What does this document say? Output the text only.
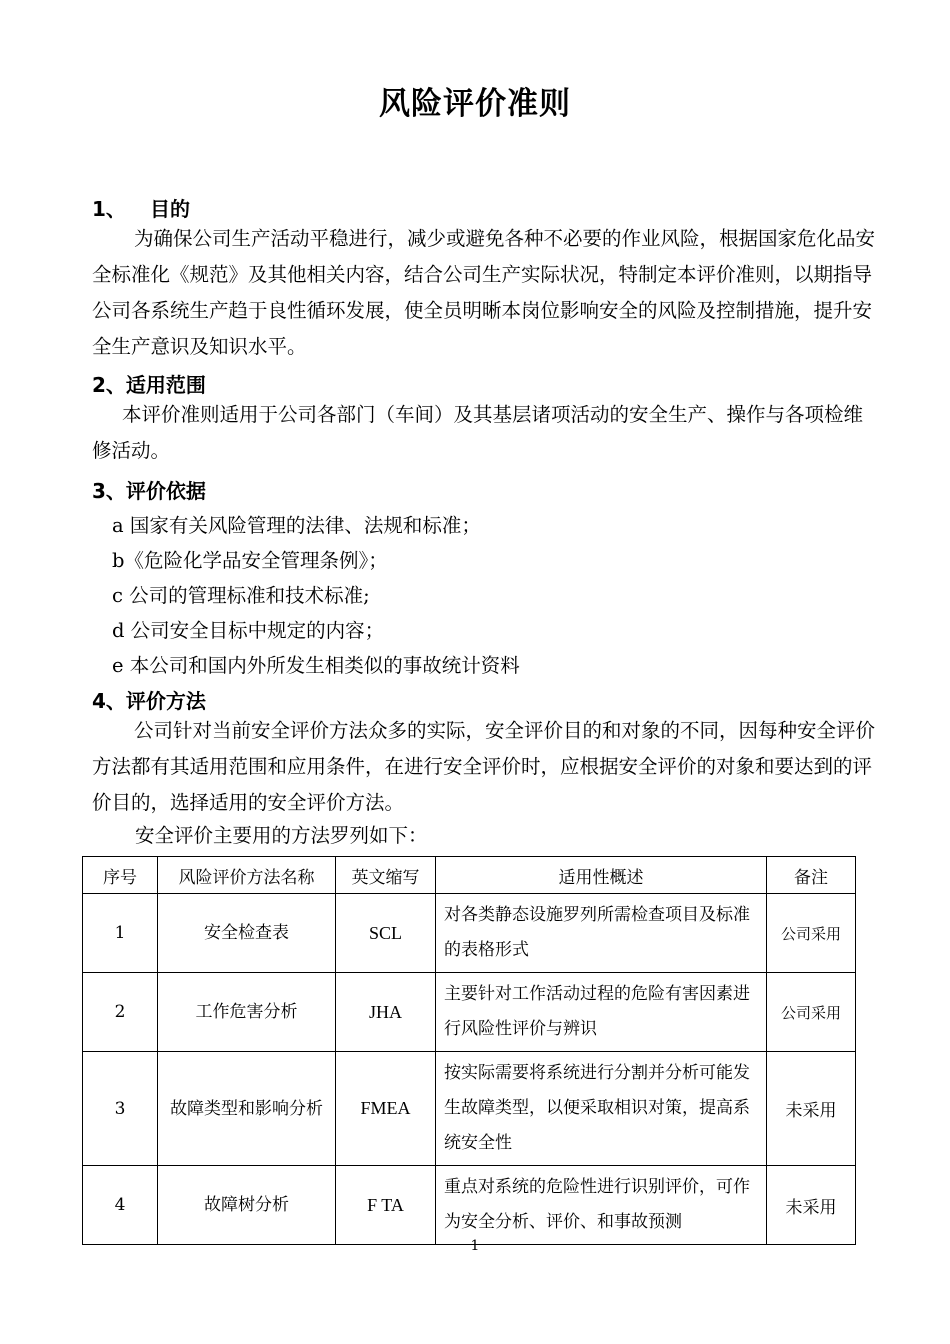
风险评价准则
1、 目的
为确保公司生产活动平稳进行，减少或避免各种不必要的作业风险，根据国家危化品安全标准化《规范》及其他相关内容，结合公司生产实际状况，特制定本评价准则，以期指导公司各系统生产趋于良性循环发展，使全员明晰本岗位影响安全的风险及控制措施，提升安全生产意识及知识水平。
2、适用范围
本评价准则适用于公司各部门（车间）及其基层诸项活动的安全生产、操作与各项检维修活动。
3、评价依据
a 国家有关风险管理的法律、法规和标准；
b《危险化学品安全管理条例》；
c 公司的管理标准和技术标准;
d 公司安全目标中规定的内容；
e 本公司和国内外所发生相类似的事故统计资料
4、评价方法
公司针对当前安全评价方法众多的实际，安全评价目的和对象的不同，因每种安全评价方法都有其适用范围和应用条件，在进行安全评价时，应根据安全评价的对象和要达到的评价目的，选择适用的安全评价方法。
安全评价主要用的方法罗列如下：
序号	风险评价方法名称	英文缩写	适用性概述	备注
1	安全检查表	SCL	对各类静态设施罗列所需检查项目及标准的表格形式	公司采用
2	工作危害分析	JHA	主要针对工作活动过程的危险有害因素进行风险性评价与辨识	公司采用
3	故障类型和影响分析	FMEA	按实际需要将系统进行分割并分析可能发生故障类型，以便采取相识对策，提高系统安全性	未采用
4	故障树分析	F TA	重点对系统的危险性进行识别评价，可作为安全分析、评价、和事故预测	未采用
1
